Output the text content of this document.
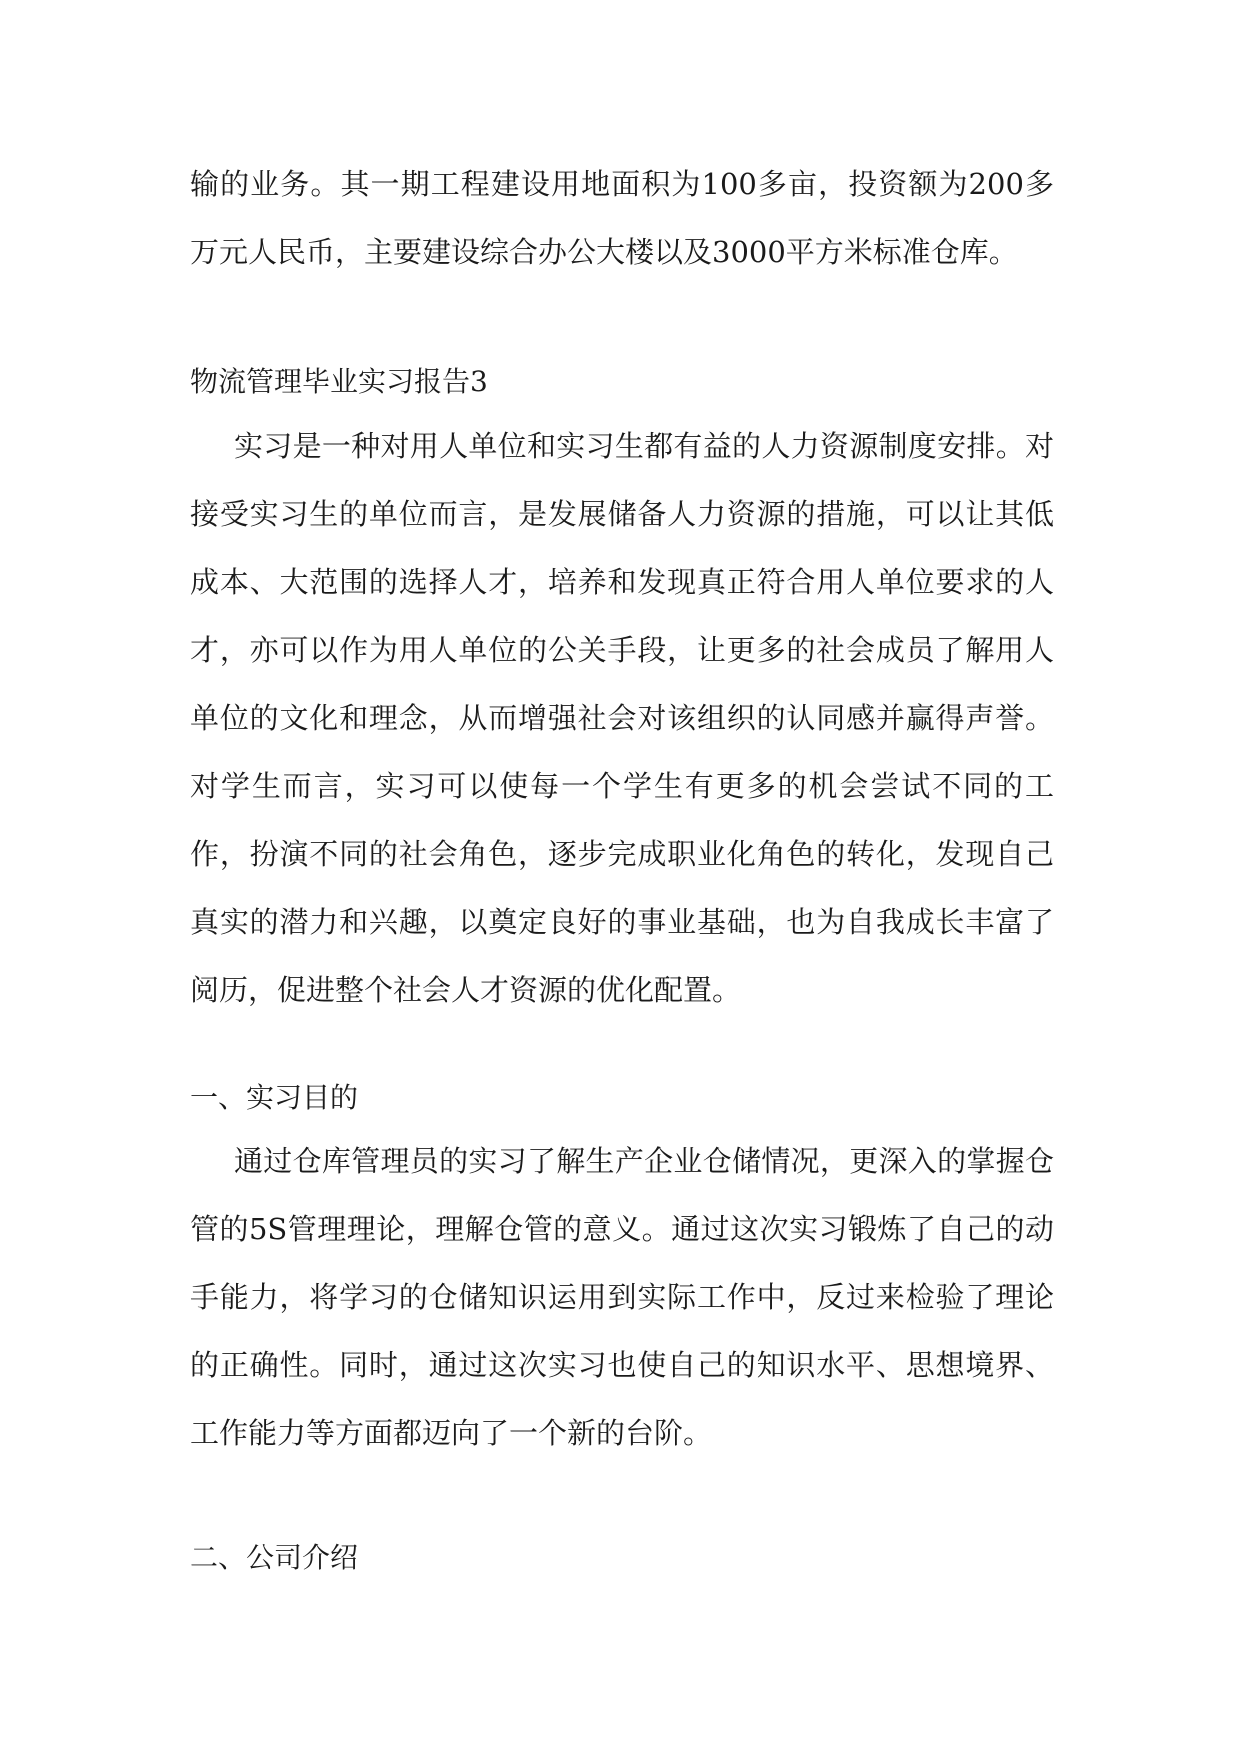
输的业务。其一期工程建设用地面积为100多亩，投资额为200多万元人民币，主要建设综合办公大楼以及3000平方米标准仓库。
物流管理毕业实习报告3
实习是一种对用人单位和实习生都有益的人力资源制度安排。对接受实习生的单位而言，是发展储备人力资源的措施，可以让其低成本、大范围的选择人才，培养和发现真正符合用人单位要求的人才，亦可以作为用人单位的公关手段，让更多的社会成员了解用人单位的文化和理念，从而增强社会对该组织的认同感并赢得声誉。对学生而言，实习可以使每一个学生有更多的机会尝试不同的工作，扮演不同的社会角色，逐步完成职业化角色的转化，发现自己真实的潜力和兴趣，以奠定良好的事业基础，也为自我成长丰富了阅历，促进整个社会人才资源的优化配置。
一、实习目的
通过仓库管理员的实习了解生产企业仓储情况，更深入的掌握仓管的5S管理理论，理解仓管的意义。通过这次实习锻炼了自己的动手能力，将学习的仓储知识运用到实际工作中，反过来检验了理论的正确性。同时，通过这次实习也使自己的知识水平、思想境界、工作能力等方面都迈向了一个新的台阶。
二、公司介绍
